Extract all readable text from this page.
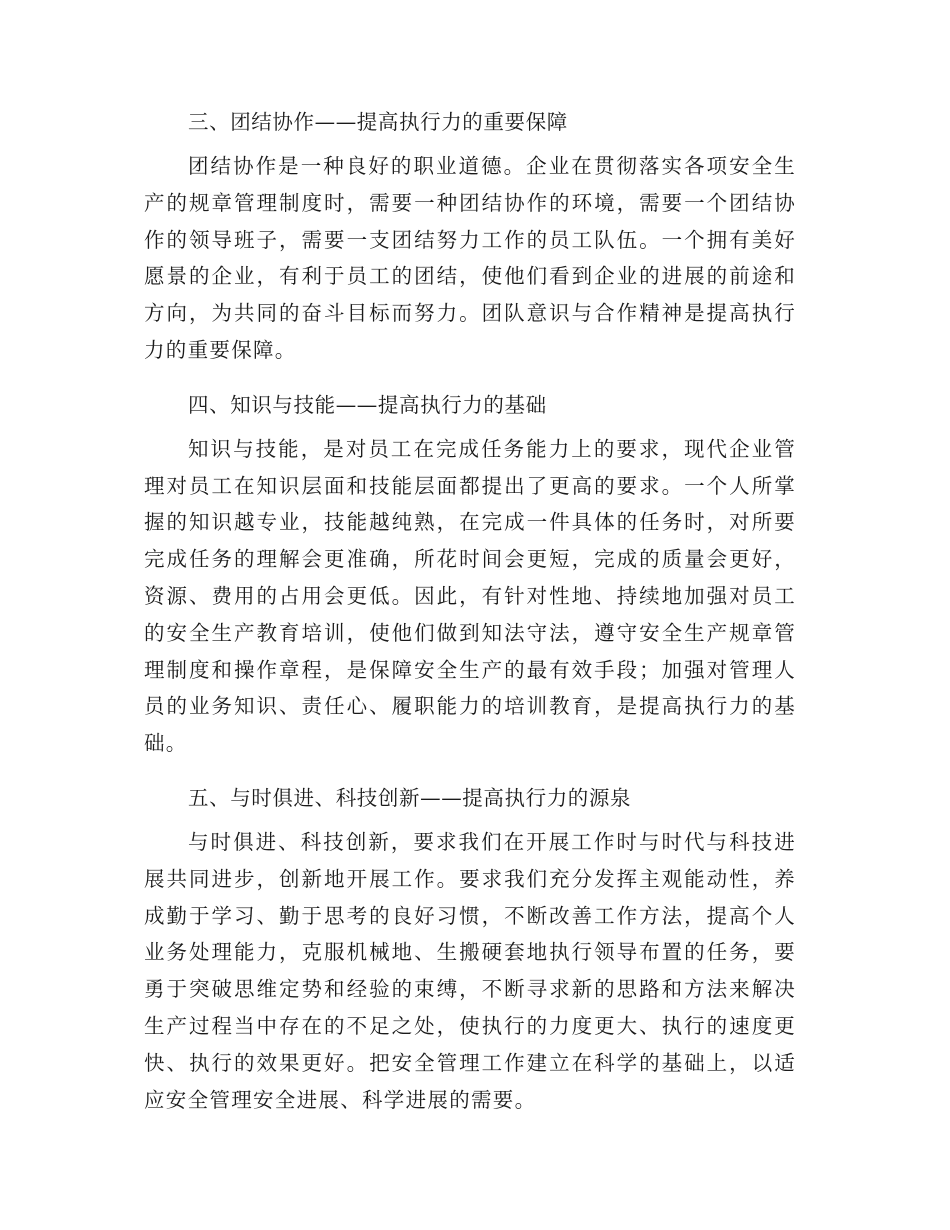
三、团结协作——提高执行力的重要保障

团结协作是一种良好的职业道德。企业在贯彻落实各项安全生产的规章管理制度时，需要一种团结协作的环境，需要一个团结协作的领导班子，需要一支团结努力工作的员工队伍。一个拥有美好愿景的企业，有利于员工的团结，使他们看到企业的进展的前途和方向，为共同的奋斗目标而努力。团队意识与合作精神是提高执行力的重要保障。

四、知识与技能——提高执行力的基础

知识与技能，是对员工在完成任务能力上的要求，现代企业管理对员工在知识层面和技能层面都提出了更高的要求。一个人所掌握的知识越专业，技能越纯熟，在完成一件具体的任务时，对所要完成任务的理解会更准确，所花时间会更短，完成的质量会更好，资源、费用的占用会更低。因此，有针对性地、持续地加强对员工的安全生产教育培训，使他们做到知法守法，遵守安全生产规章管理制度和操作章程，是保障安全生产的最有效手段；加强对管理人员的业务知识、责任心、履职能力的培训教育，是提高执行力的基础。

五、与时俱进、科技创新——提高执行力的源泉

与时俱进、科技创新，要求我们在开展工作时与时代与科技进展共同进步，创新地开展工作。要求我们充分发挥主观能动性，养成勤于学习、勤于思考的良好习惯，不断改善工作方法，提高个人业务处理能力，克服机械地、生搬硬套地执行领导布置的任务，要勇于突破思维定势和经验的束缚，不断寻求新的思路和方法来解决生产过程当中存在的不足之处，使执行的力度更大、执行的速度更快、执行的效果更好。把安全管理工作建立在科学的基础上，以适应安全管理安全进展、科学进展的需要。
